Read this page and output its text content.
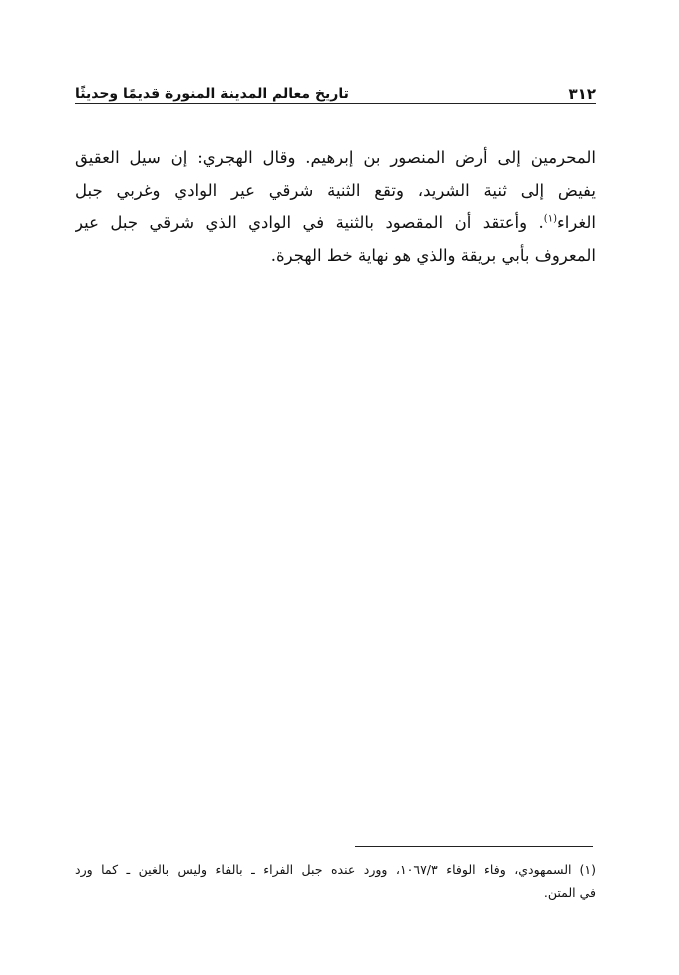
٣١٢
تاريخ معالم المدينة المنورة قديمًا وحديثًا
المحرمين إلى أرض المنصور بن إبرهيم. وقال الهجري: إن سيل العقيق
يفيض إلى ثنية الشريد، وتقع الثنية شرقي عير الوادي وغربي جبل
الغراء$^{(١)}$. وأعتقد أن المقصود بالثنية في الوادي الذي شرقي جبل عير
المعروف بأبي بريقة والذي هو نهاية خط الهجرة.
(١)السمهودي، وفاء الوفاء ١٠٦٧/٣، وورد عنده جبل الفراء ـ بالفاء وليس بالغين ـ كما ورد
في المتن.
